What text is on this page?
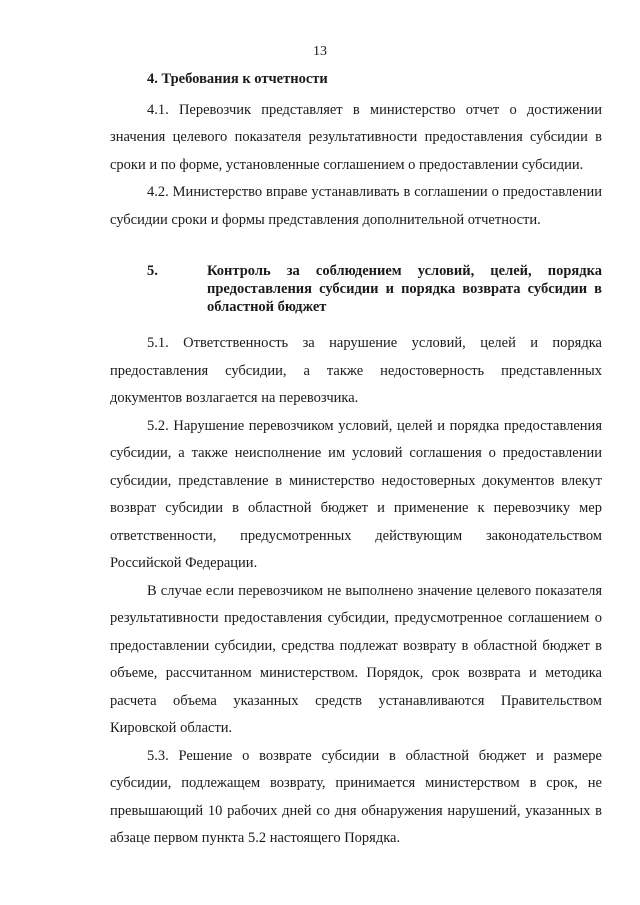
13
4. Требования к отчетности

4.1. Перевозчик представляет в министерство отчет о достижении значения целевого показателя результативности предоставления субсидии в сроки и по форме, установленные соглашением о предоставлении субсидии.

4.2. Министерство вправе устанавливать в соглашении о предоставлении субсидии сроки и формы представления дополнительной отчетности.

5.	Контроль за соблюдением условий, целей, порядка предоставления субсидии и порядка возврата субсидии в областной бюджет

5.1. Ответственность за нарушение условий, целей и порядка предоставления субсидии, а также недостоверность представленных документов возлагается на перевозчика.

5.2. Нарушение перевозчиком условий, целей и порядка предоставления субсидии, а также неисполнение им условий соглашения о предоставлении субсидии, представление в министерство недостоверных документов влекут возврат субсидии в областной бюджет и применение к перевозчику мер ответственности, предусмотренных действующим законодательством Российской Федерации.

В случае если перевозчиком не выполнено значение целевого показателя результативности предоставления субсидии, предусмотренное соглашением о предоставлении субсидии, средства подлежат возврату в областной бюджет в объеме, рассчитанном министерством. Порядок, срок возврата и методика расчета объема указанных средств устанавливаются Правительством Кировской области.

5.3. Решение о возврате субсидии в областной бюджет и размере субсидии, подлежащем возврату, принимается министерством в срок, не превышающий 10 рабочих дней со дня обнаружения нарушений, указанных в абзаце первом пункта 5.2 настоящего Порядка.
